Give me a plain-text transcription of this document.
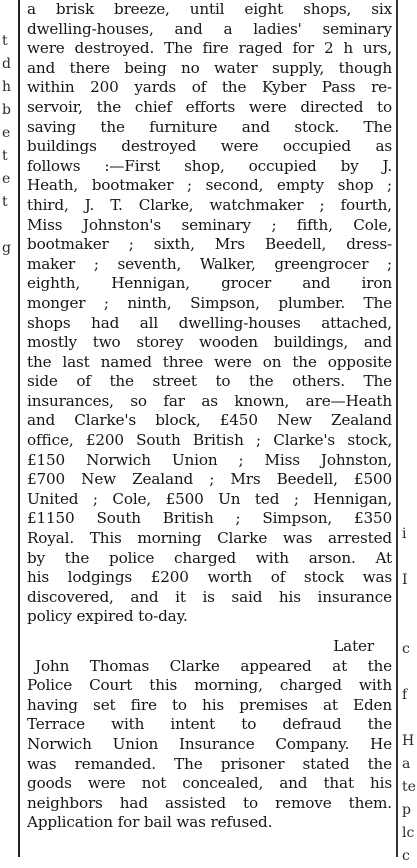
t
d
h
b
e
t
e
t
g
i
I
c
f
H
a
te
p
lc
c
a brisk breeze, until eight shops, six
dwelling-houses, and a ladies' seminary
were destroyed. The fire raged for 2 h urs,
and there being no water supply, though
within 200 yards of the Kyber Pass re-
servoir, the chief efforts were directed to
saving the furniture and stock. The
buildings destroyed were occupied as
follows :—First shop, occupied by J.
Heath, bootmaker ; second, empty shop ;
third, J. T. Clarke, watchmaker ; fourth,
Miss Johnston's seminary ; fifth, Cole,
bootmaker ; sixth, Mrs Beedell, dress-
maker ; seventh, Walker, greengrocer ;
eighth, Hennigan, grocer and iron
monger ; ninth, Simpson, plumber. The
shops had all dwelling-houses attached,
mostly two storey wooden buildings, and
the last named three were on the opposite
side of the street to the others. The
insurances, so far as known, are—Heath
and Clarke's block, £450 New Zealand
office, £200 South British ; Clarke's stock,
£150 Norwich Union ; Miss Johnston,
£700 New Zealand ; Mrs Beedell, £500
United ; Cole, £500 Un ted ; Hennigan,
£1150 South British ; Simpson, £350
Royal. This morning Clarke was arrested
by the police charged with arson. At
his lodgings £200 worth of stock was
discovered, and it is said his insurance
policy expired to-day.
Later
John Thomas Clarke appeared at the
Police Court this morning, charged with
having set fire to his premises at Eden
Terrace with intent to defraud the
Norwich Union Insurance Company. He
was remanded. The prisoner stated the
goods were not concealed, and that his
neighbors had assisted to remove them.
Application for bail was refused.
